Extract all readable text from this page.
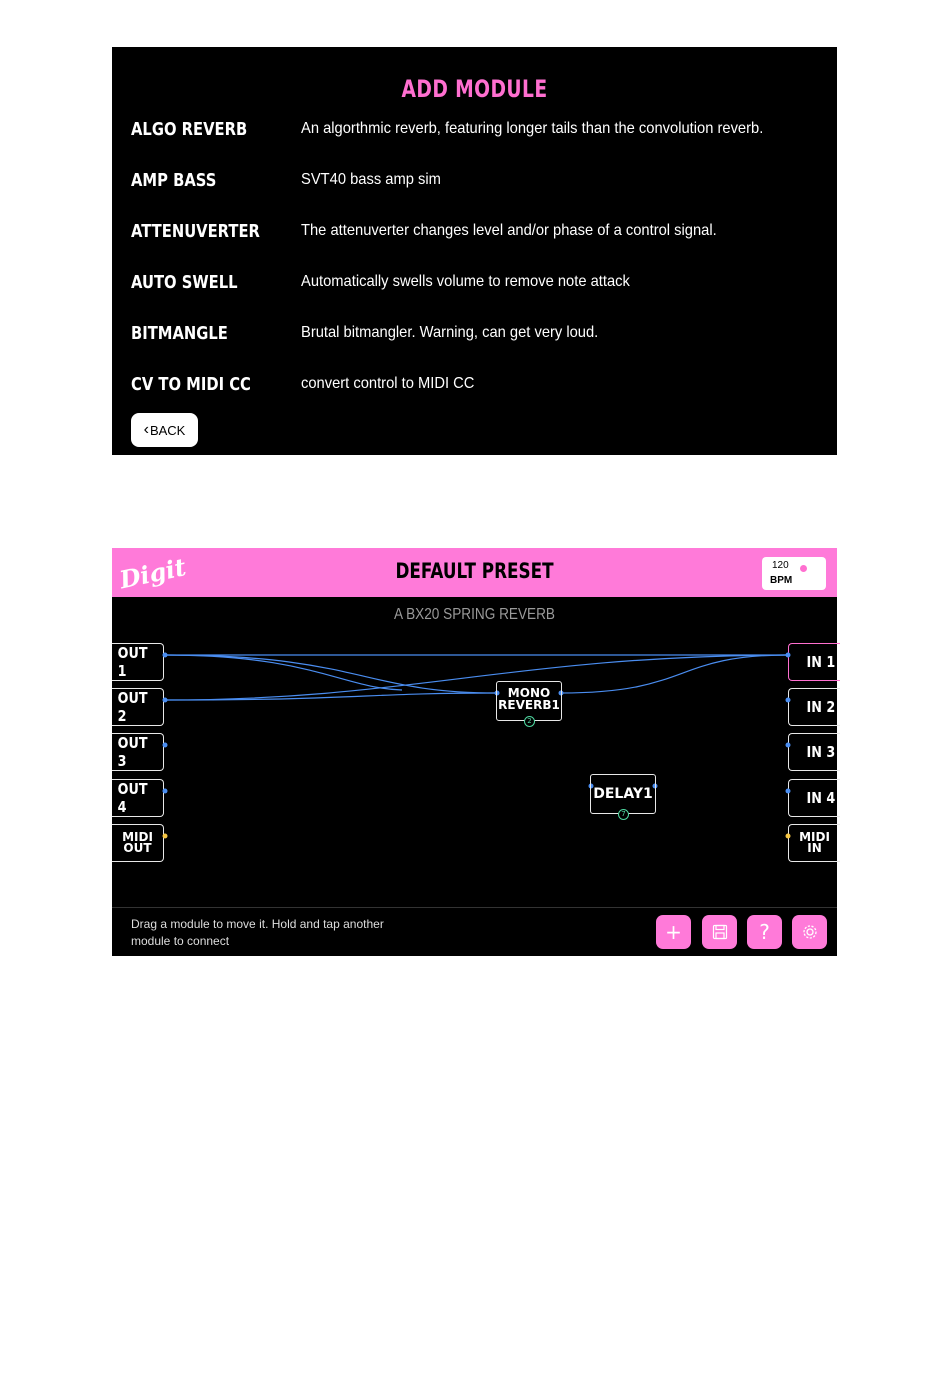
ADD MODULE
ALGO REVERB	An algorthmic reverb, featuring longer tails than the convolution reverb.
AMP BASS	SVT40 bass amp sim
ATTENUVERTER	The attenuverter changes level and/or phase of a control signal.
AUTO SWELL	Automatically swells volume to remove note attack
BITMANGLE	Brutal bitmangler. Warning, can get very loud.
CV TO MIDI CC	convert control to MIDI CC
‹ BACK
Digit	DEFAULT PRESET	120
BPM
A BX20 SPRING REVERB
OUT 1
OUT 2
OUT 3
OUT 4
MIDI
OUT
IN 1
IN 2
IN 3
IN 4
MIDI
IN
MONO
REVERB1
2
DELAY1
7
Drag a module to move it. Hold and tap another module to connect	+	?
